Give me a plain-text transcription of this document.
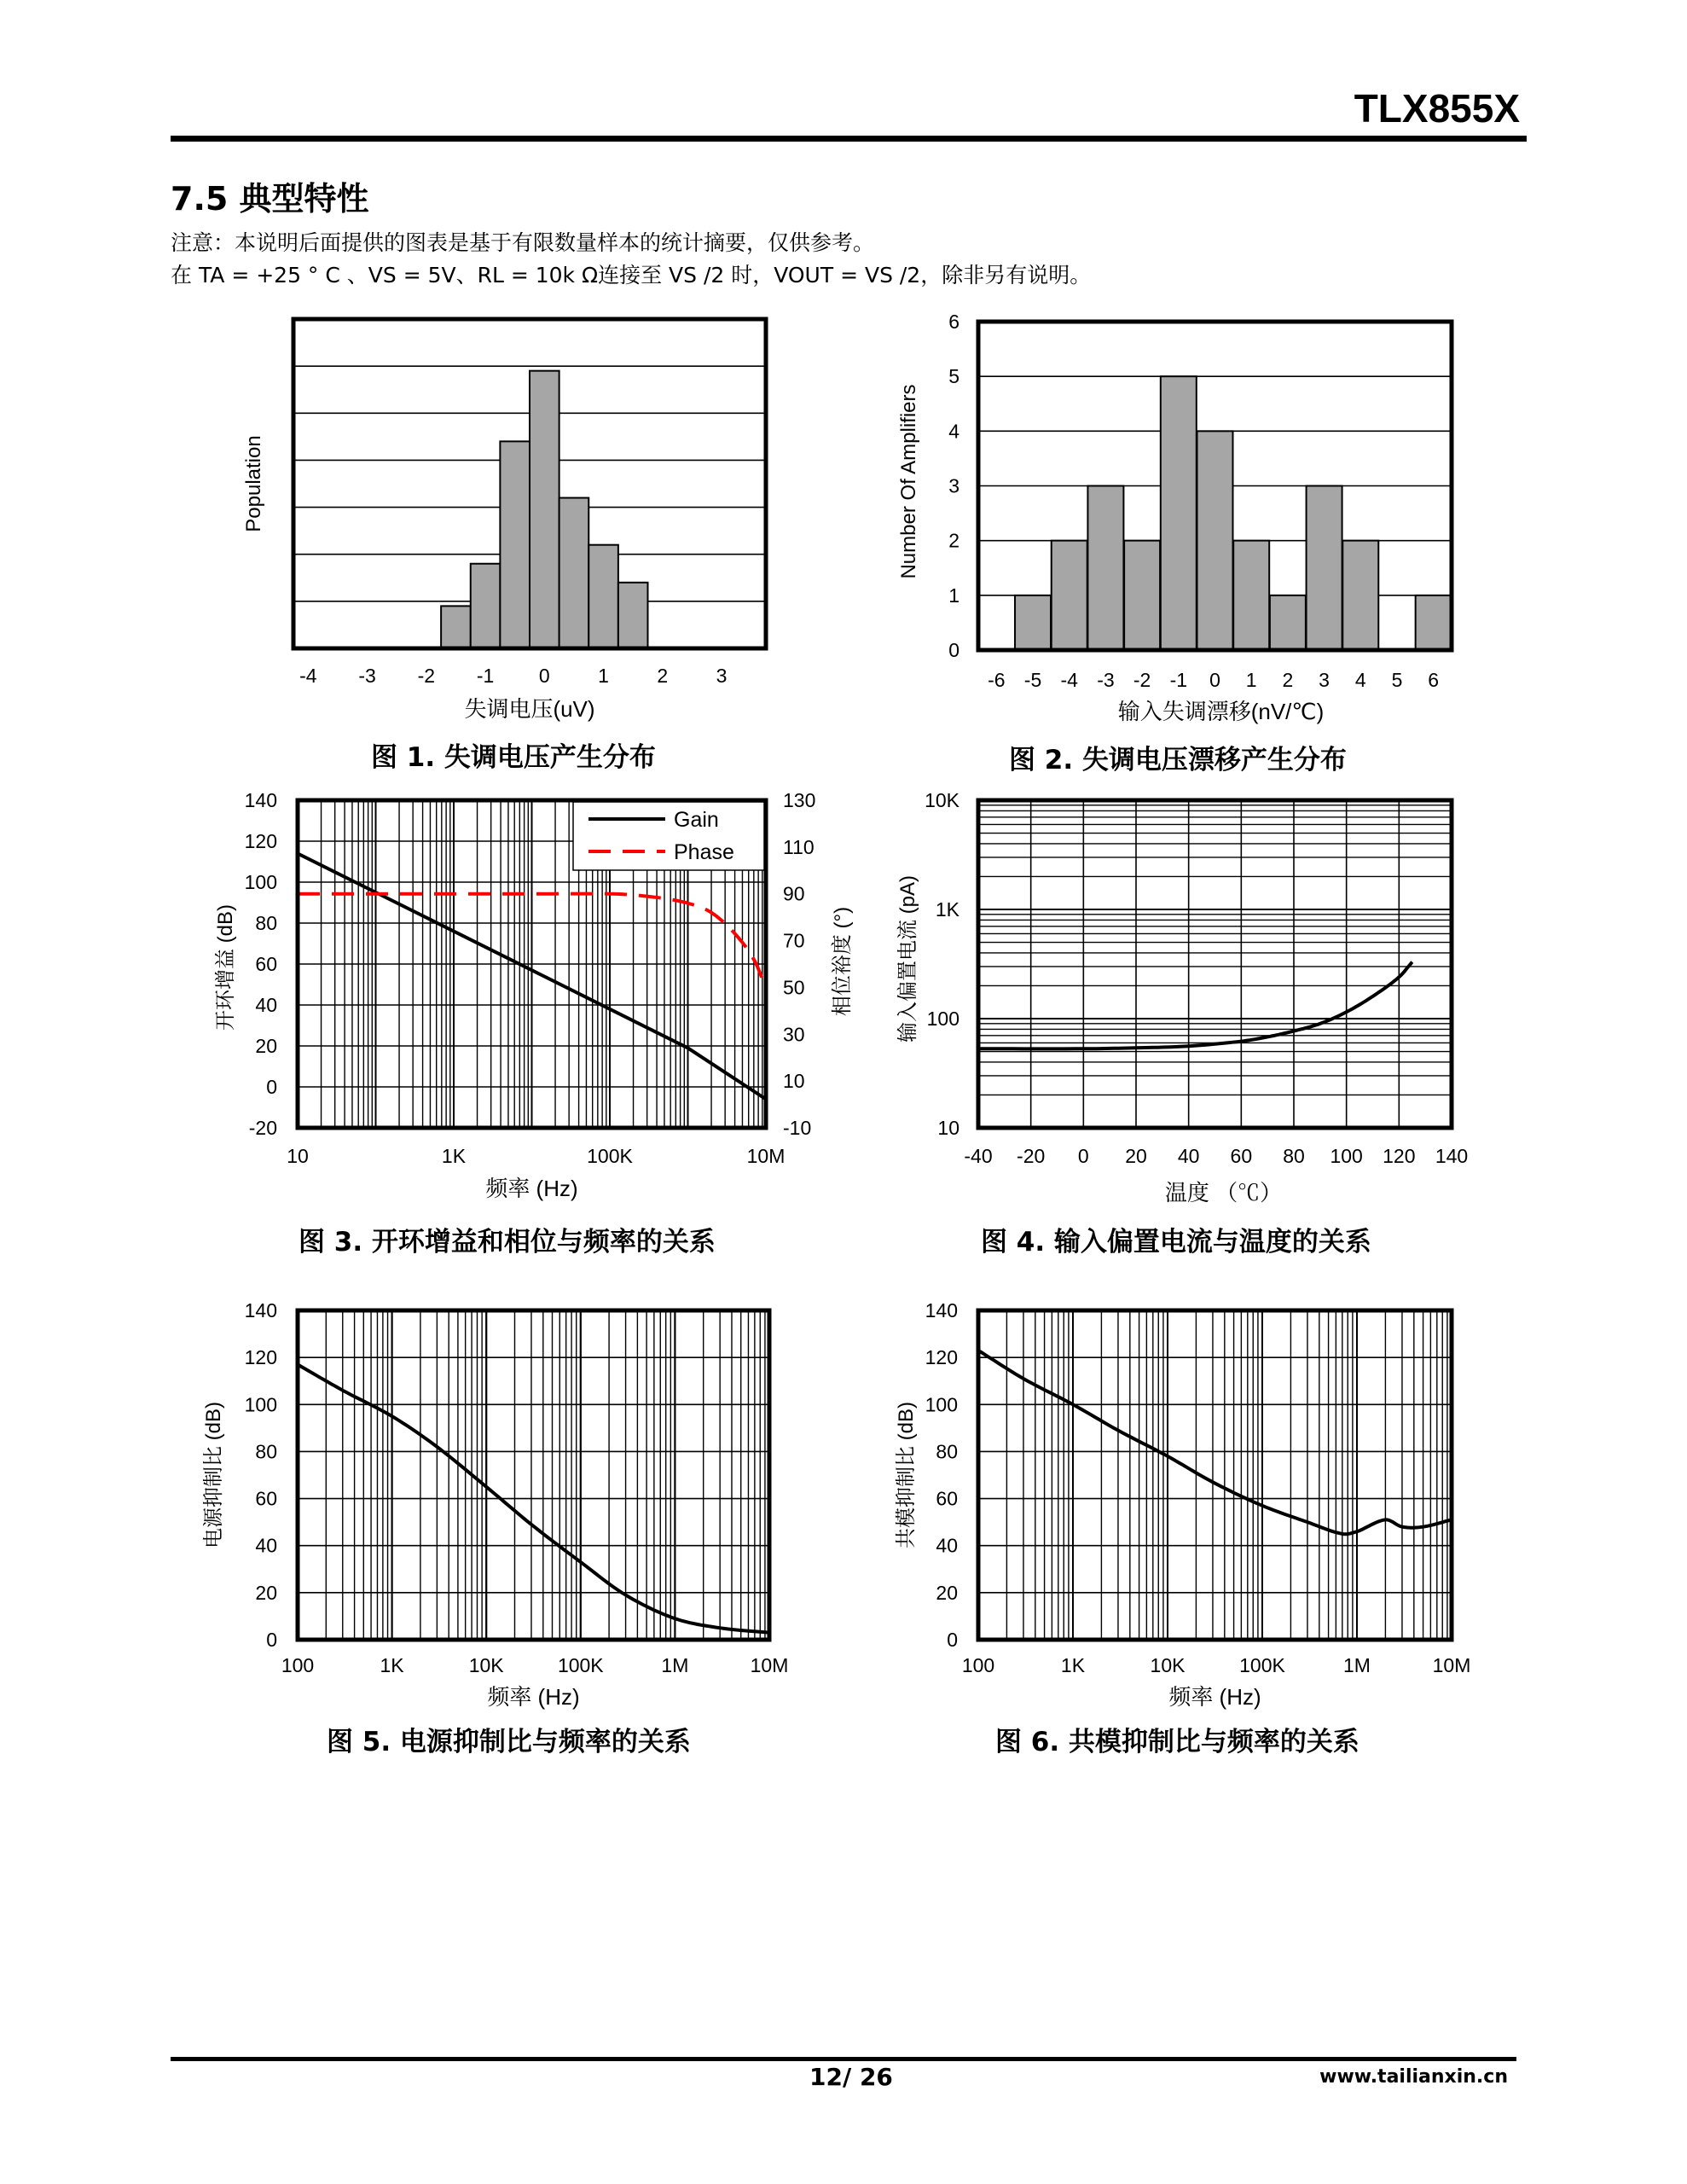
TLX855X
7.5 典型特性
注意：本说明后面提供的图表是基于有限数量样本的统计摘要，仅供参考。
在 TA = +25 ° C 、VS = 5V、RL = 10k Ω连接至 VS /2 时，VOUT = VS /2，除非另有说明。
-4 -3 -2 -1 0 1 2 3
失调电压(uV)
Population
-6 -5 -4 -3 -2 -1 0 1 2 3 4 5 6
0
1
2
3
4
5
6
输入失调漂移(nV/℃)
Number Of Amplifiers
Gain
Phase
-20
0
20
40
60
80
100
120
140
-10
10
30
50
70
90
110
130
10	1K	100K	10M
频率 (Hz)
开环增益 (dB)	相位裕度 (°)
-40 -20 0 20 40 60 80 100 120 140
10
100
1K
10K
温度 （℃）
输入偏置电流 (pA)
0
20
40
60
80
100
120
140
100	1K	10K	100K	1M	10M
频率 (Hz)
电源抑制比 (dB)
0
20
40
60
80
100
120
140
100	1K	10K	100K	1M	10M
频率 (Hz)
共模抑制比 (dB)
图 1. 失调电压产生分布	图 2. 失调电压漂移产生分布
图 3. 开环增益和相位与频率的关系	图 4. 输入偏置电流与温度的关系
图 5. 电源抑制比与频率的关系	图 6. 共模抑制比与频率的关系
12/ 26	www.tailianxin.cn
